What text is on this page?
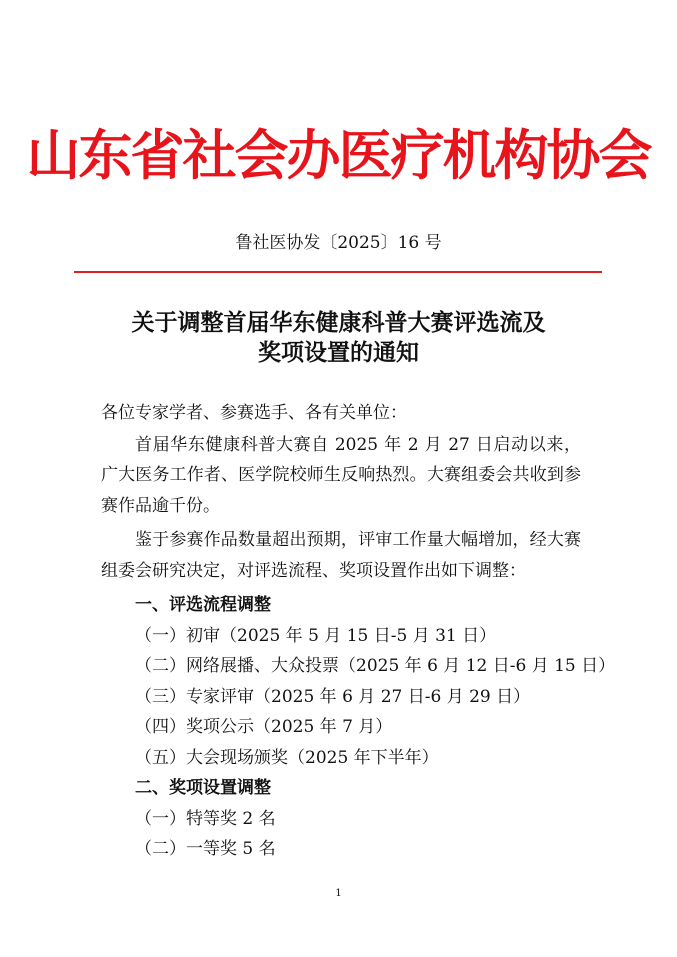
山东省社会办医疗机构协会
鲁社医协发〔2025〕16 号
关于调整首届华东健康科普大赛评选流及
奖项设置的通知

各位专家学者、参赛选手、各有关单位：

首届华东健康科普大赛自 2025 年 2 月 27 日启动以来，广大医务工作者、医学院校师生反响热烈。大赛组委会共收到参赛作品逾千份。

鉴于参赛作品数量超出预期，评审工作量大幅增加，经大赛组委会研究决定，对评选流程、奖项设置作出如下调整：

一、评选流程调整

（一）初审（2025 年 5 月 15 日-5 月 31 日）

（二）网络展播、大众投票（2025 年 6 月 12 日-6 月 15 日）

（三）专家评审（2025 年 6 月 27 日-6 月 29 日）

（四）奖项公示（2025 年 7 月）

（五）大会现场颁奖（2025 年下半年）

二、奖项设置调整

（一）特等奖 2 名

（二）一等奖 5 名

1
